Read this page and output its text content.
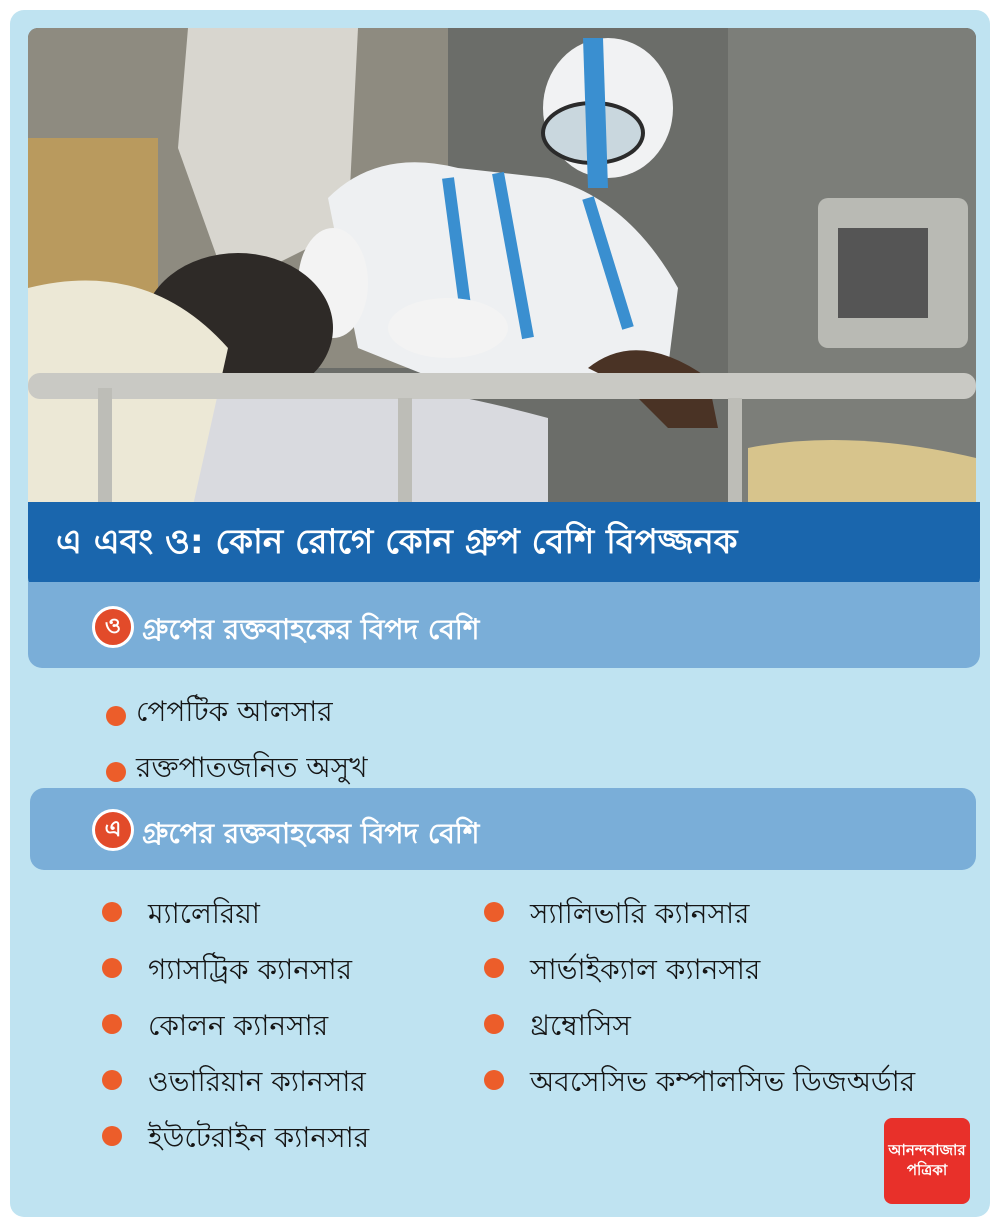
এ এবং ও: কোন রোগে কোন গ্রুপ বেশি বিপজ্জনক
ও গ্রুপের রক্তবাহকের বিপদ বেশি
পেপটিক আলসার
রক্তপাতজনিত অসুখ
এ গ্রুপের রক্তবাহকের বিপদ বেশি
ম্যালেরিয়া
গ্যাসট্রিক ক্যানসার
কোলন ক্যানসার
ওভারিয়ান ক্যানসার
ইউটেরাইন ক্যানসার
স্যালিভারি ক্যানসার
সার্ভাইক্যাল ক্যানসার
থ্রম্বোসিস
অবসেসিভ কম্পালসিভ ডিজঅর্ডার
আনন্দবাজার
পত্রিকা
